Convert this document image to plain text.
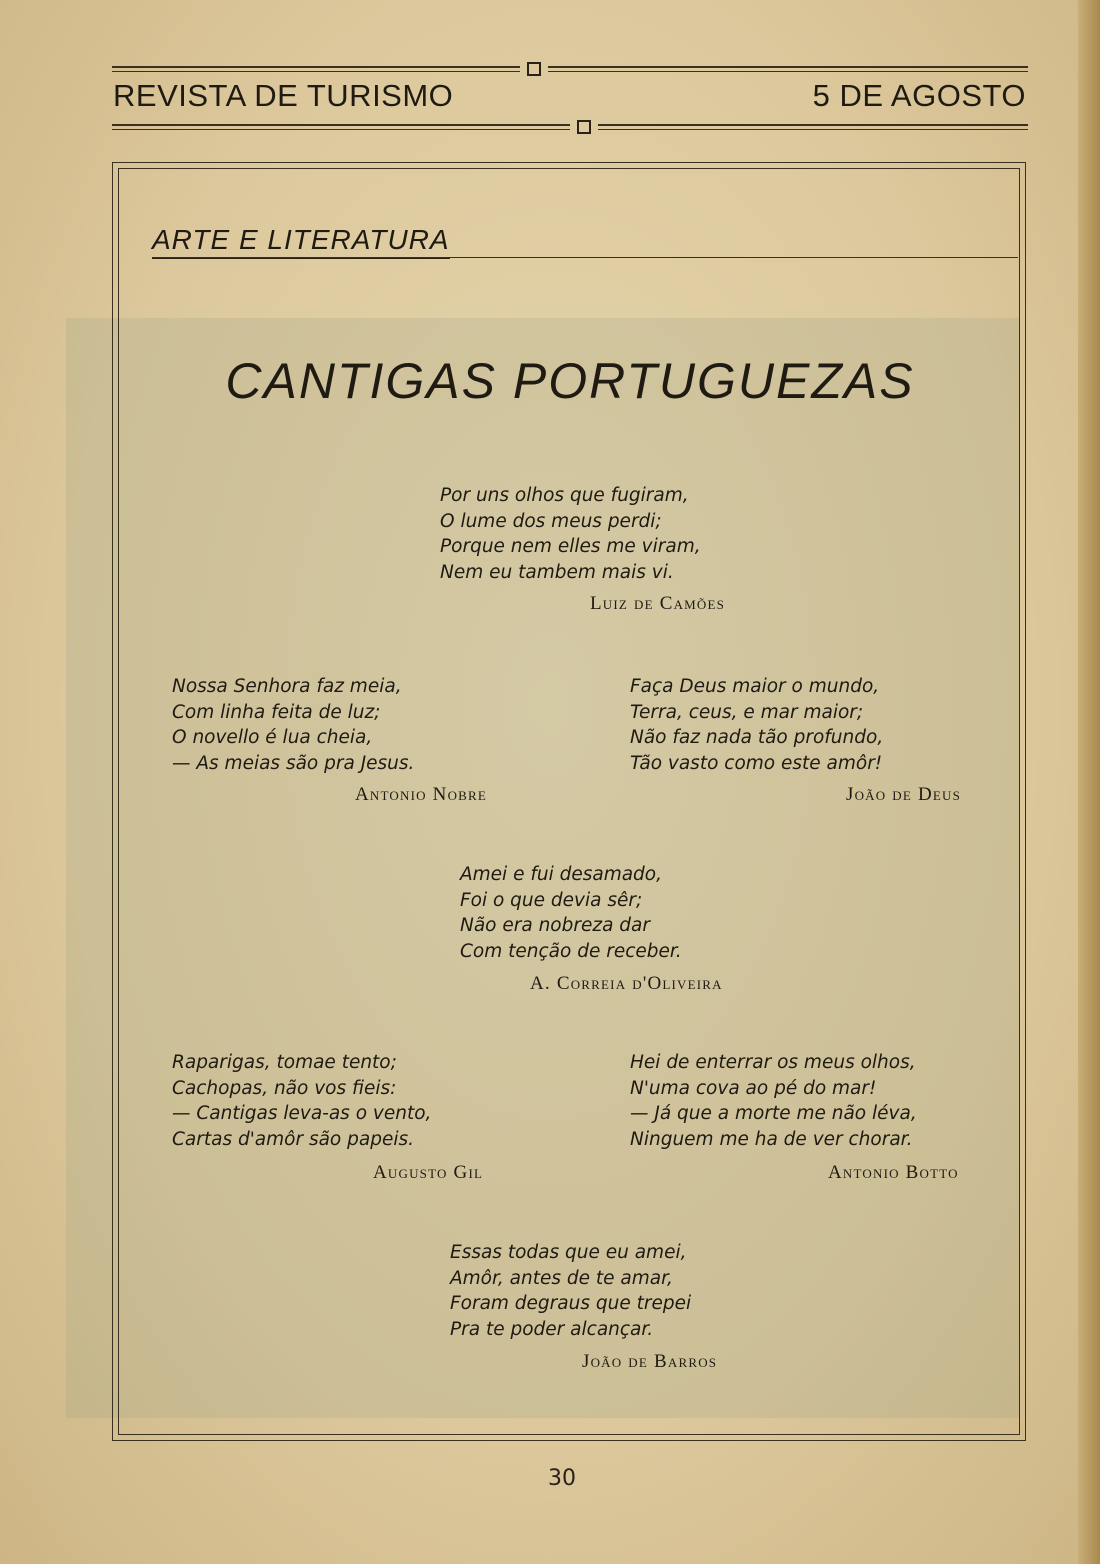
REVISTA DE TURISMO	5 DE AGOSTO
ARTE E LITERATURA
CANTIGAS PORTUGUEZAS
Por uns olhos que fugiram,
O lume dos meus perdi;
Porque nem elles me viram,
Nem eu tambem mais vi.
Luiz de Camões
Nossa Senhora faz meia,
Com linha feita de luz;
O novello é lua cheia,
— As meias são pra Jesus.
Antonio Nobre
Faça Deus maior o mundo,
Terra, ceus, e mar maior;
Não faz nada tão profundo,
Tão vasto como este amôr!
João de Deus
Amei e fui desamado,
Foi o que devia sêr;
Não era nobreza dar
Com tenção de receber.
A. Correia d'Oliveira
Raparigas, tomae tento;
Cachopas, não vos fieis:
— Cantigas leva-as o vento,
Cartas d'amôr são papeis.
Augusto Gil
Hei de enterrar os meus olhos,
N'uma cova ao pé do mar!
— Já que a morte me não léva,
Ninguem me ha de ver chorar.
Antonio Botto
Essas todas que eu amei,
Amôr, antes de te amar,
Foram degraus que trepei
Pra te poder alcançar.
João de Barros
30
